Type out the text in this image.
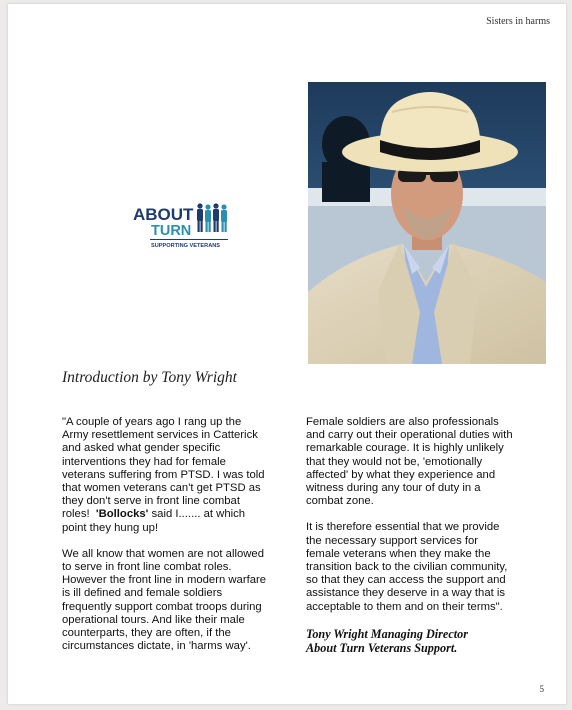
Sisters in harms
ABOUT
TURN
SUPPORTING VETERANS
Introduction by Tony Wright

"A couple of years ago I rang up the
Army resettlement services in Catterick
and asked what gender specific
interventions they had for female
veterans suffering from PTSD. I was told
that women veterans can't get PTSD as
they don't serve in front line combat
roles! 'Bollocks' said I....... at which
point they hung up!

We all know that women are not allowed
to serve in front line combat roles.
However the front line in modern warfare
is ill defined and female soldiers
frequently support combat troops during
operational tours. And like their male
counterparts, they are often, if the
circumstances dictate, in 'harms way'.

Female soldiers are also professionals
and carry out their operational duties with
remarkable courage. It is highly unlikely
that they would not be, 'emotionally
affected' by what they experience and
witness during any tour of duty in a
combat zone.

It is therefore essential that we provide
the necessary support services for
female veterans when they make the
transition back to the civilian community,
so that they can access the support and
assistance they deserve in a way that is
acceptable to them and on their terms".

Tony Wright Managing Director
About Turn Veterans Support.
5
